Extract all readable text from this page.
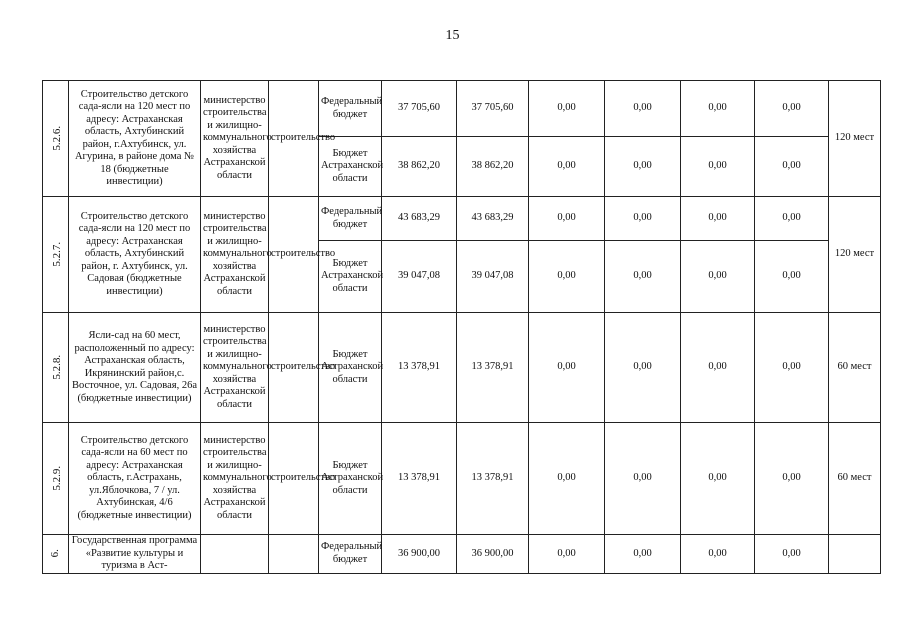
15
5.2.6.	Строительство детского сада-ясли на 120 мест по адресу: Астраханская область, Ахтубинский район, г.Ахтубинск, ул. Агурина, в районе дома № 18 (бюджетные инвестиции)	министерство строительства и жилищно-коммунального хозяйства Астраханской области	строительство	Федеральный бюджет	37 705,60	37 705,60	0,00	0,00	0,00	0,00	120 мест
				Бюджет Астраханской области	38 862,20	38 862,20	0,00	0,00	0,00	0,00	
5.2.7.	Строительство детского сада-ясли на 120 мест по адресу: Астраханская область, Ахтубинский район, г. Ахтубинск, ул. Садовая (бюджетные инвестиции)	министерство строительства и жилищно-коммунального хозяйства Астраханской области	строительство	Федеральный бюджет	43 683,29	43 683,29	0,00	0,00	0,00	0,00	120 мест
				Бюджет Астраханской области	39 047,08	39 047,08	0,00	0,00	0,00	0,00	
5.2.8.	Ясли-сад на 60 мест, расположенный по адресу: Астраханская область, Икрянинский район,с. Восточное, ул. Садовая, 26а (бюджетные инвестиции)	министерство строительства и жилищно-коммунального хозяйства Астраханской области	строительство	Бюджет Астраханской области	13 378,91	13 378,91	0,00	0,00	0,00	0,00	60 мест
5.2.9.	Строительство детского сада-ясли на 60 мест по адресу: Астраханская область, г.Астрахань, ул.Яблочкова, 7 / ул. Ахтубинская, 4/6 (бюджетные инвестиции)	министерство строительства и жилищно-коммунального хозяйства Астраханской области	строительство	Бюджет Астраханской области	13 378,91	13 378,91	0,00	0,00	0,00	0,00	60 мест
6.	Государственная программа «Развитие культуры и туризма в Аст-			Федеральный бюджет	36 900,00	36 900,00	0,00	0,00	0,00	0,00	
